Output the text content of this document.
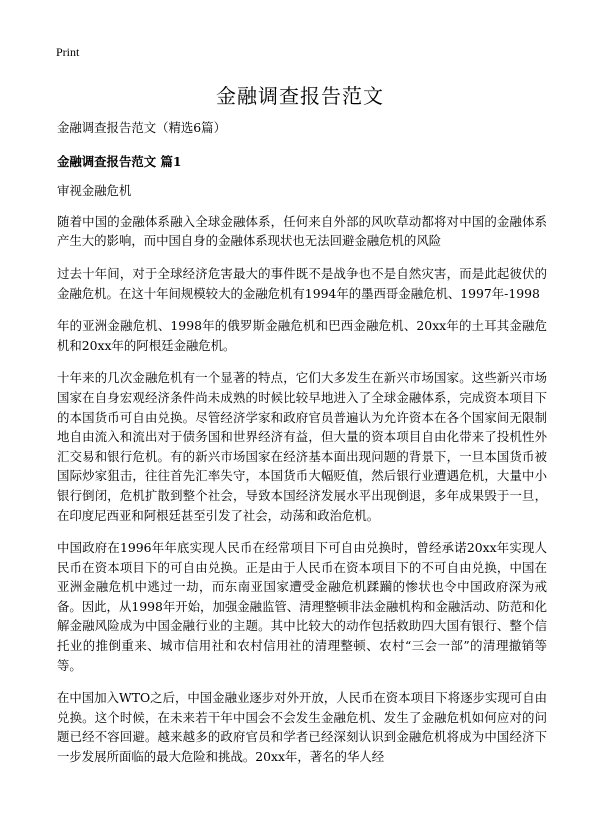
Print
金融调查报告范文

金融调查报告范文（精选6篇）

金融调查报告范文 篇1

审视金融危机

随着中国的金融体系融入全球金融体系，任何来自外部的风吹草动都将对中国的金融体系产生大的影响，而中国自身的金融体系现状也无法回避金融危机的风险

过去十年间，对于全球经济危害最大的事件既不是战争也不是自然灾害，而是此起彼伏的金融危机。在这十年间规模较大的金融危机有1994年的墨西哥金融危机、1997年-1998

年的亚洲金融危机、1998年的俄罗斯金融危机和巴西金融危机、20xx年的土耳其金融危机和20xx年的阿根廷金融危机。

十年来的几次金融危机有一个显著的特点，它们大多发生在新兴市场国家。这些新兴市场国家在自身宏观经济条件尚未成熟的时候比较早地进入了全球金融体系，完成资本项目下的本国货币可自由兑换。尽管经济学家和政府官员普遍认为允许资本在各个国家间无限制地自由流入和流出对于债务国和世界经济有益，但大量的资本项目自由化带来了投机性外汇交易和银行危机。有的新兴市场国家在经济基本面出现问题的背景下，一旦本国货币被国际炒家狙击，往往首先汇率失守，本国货币大幅贬值，然后银行业遭遇危机，大量中小银行倒闭，危机扩散到整个社会，导致本国经济发展水平出现倒退，多年成果毁于一旦，在印度尼西亚和阿根廷甚至引发了社会，动荡和政治危机。

中国政府在1996年年底实现人民币在经常项目下可自由兑换时，曾经承诺20xx年实现人民币在资本项目下的可自由兑换。正是由于人民币在资本项目下的不可自由兑换，中国在亚洲金融危机中逃过一劫，而东南亚国家遭受金融危机蹂躏的惨状也令中国政府深为戒备。因此，从1998年开始，加强金融监管、清理整顿非法金融机构和金融活动、防范和化解金融风险成为中国金融行业的主题。其中比较大的动作包括救助四大国有银行、整个信托业的推倒重来、城市信用社和农村信用社的清理整顿、农村“三会一部”的清理撤销等等。

在中国加入WTO之后，中国金融业逐步对外开放，人民币在资本项目下将逐步实现可自由兑换。这个时候，在未来若干年中国会不会发生金融危机、发生了金融危机如何应对的问题已经不容回避。越来越多的政府官员和学者已经深刻认识到金融危机将成为中国经济下一步发展所面临的最大危险和挑战。20xx年，著名的华人经
